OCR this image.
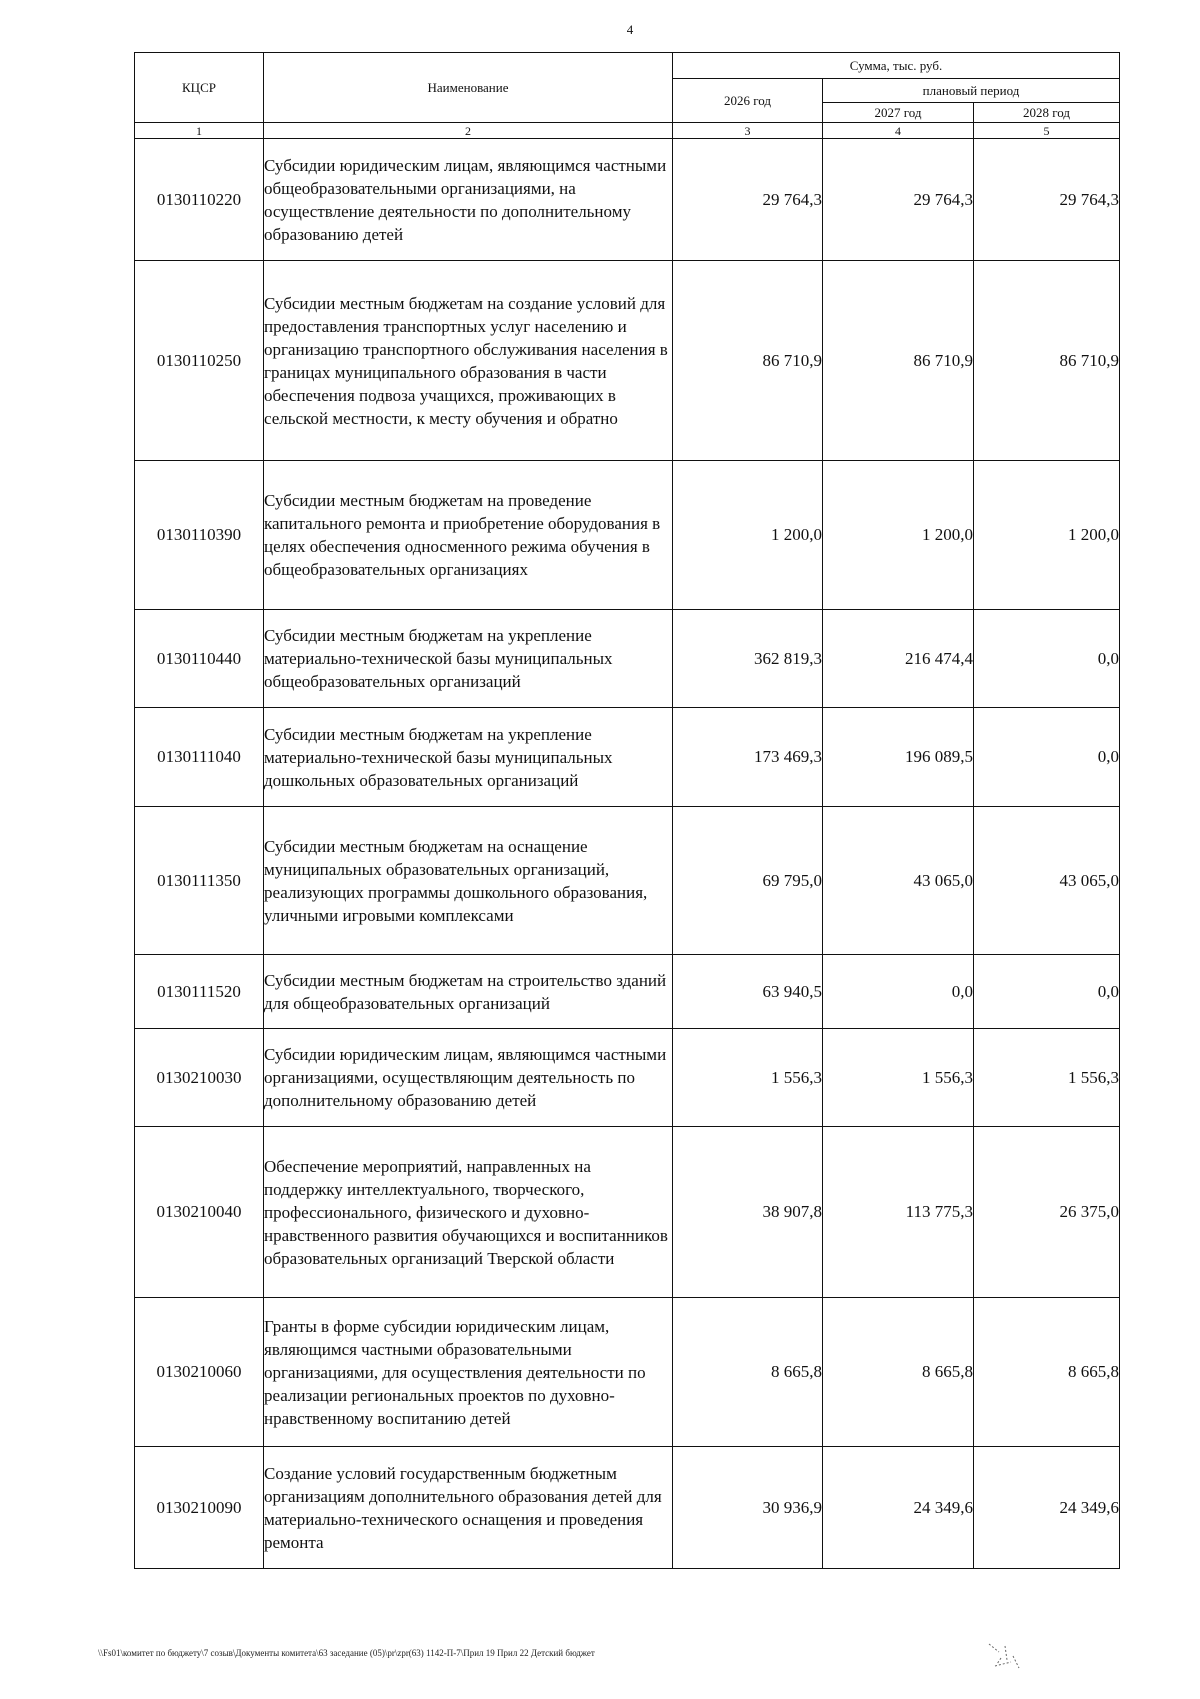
4
КЦСР	Наименование	Сумма, тыс. руб.		
		2026 год	плановый период	
			2027 год	2028 год
1	2	3	4	5
0130110220	Субсидии юридическим лицам, являющимся частными общеобразовательными организациями, на осуществление деятельности по дополнительному образованию детей	29 764,3	29 764,3	29 764,3
0130110250	Субсидии местным бюджетам на создание условий для предоставления транспортных услуг населению и организацию транспортного обслуживания населения в границах муниципального образования в части обеспечения подвоза учащихся, проживающих в сельской местности, к месту обучения и обратно	86 710,9	86 710,9	86 710,9
0130110390	Субсидии местным бюджетам на проведение капитального ремонта и приобретение оборудования в целях обеспечения односменного режима обучения в общеобразовательных организациях	1 200,0	1 200,0	1 200,0
0130110440	Субсидии местным бюджетам на укрепление материально-технической базы муниципальных общеобразовательных организаций	362 819,3	216 474,4	0,0
0130111040	Субсидии местным бюджетам на укрепление материально-технической базы муниципальных дошкольных образовательных организаций	173 469,3	196 089,5	0,0
0130111350	Субсидии местным бюджетам на оснащение муниципальных образовательных организаций, реализующих программы дошкольного образования, уличными игровыми комплексами	69 795,0	43 065,0	43 065,0
0130111520	Субсидии местным бюджетам на строительство зданий для общеобразовательных организаций	63 940,5	0,0	0,0
0130210030	Субсидии юридическим лицам, являющимся частными организациями, осуществляющим деятельность по дополнительному образованию детей	1 556,3	1 556,3	1 556,3
0130210040	Обеспечение мероприятий, направленных на поддержку интеллектуального, творческого, профессионального, физического и духовно-нравственного развития обучающихся и воспитанников образовательных организаций Тверской области	38 907,8	113 775,3	26 375,0
0130210060	Гранты в форме субсидии юридическим лицам, являющимся частными образовательными организациями, для осуществления деятельности по реализации региональных проектов по духовно-нравственному воспитанию детей	8 665,8	8 665,8	8 665,8
0130210090	Создание условий государственным бюджетным организациям дополнительного образования детей для материально-технического оснащения и проведения ремонта	30 936,9	24 349,6	24 349,6
\\Fs01\комитет по бюджету\7 созыв\Документы комитета\63 заседание (05)\pr\zpr(63) 1142-П-7\Прил 19 Прил 22 Детский бюджет
